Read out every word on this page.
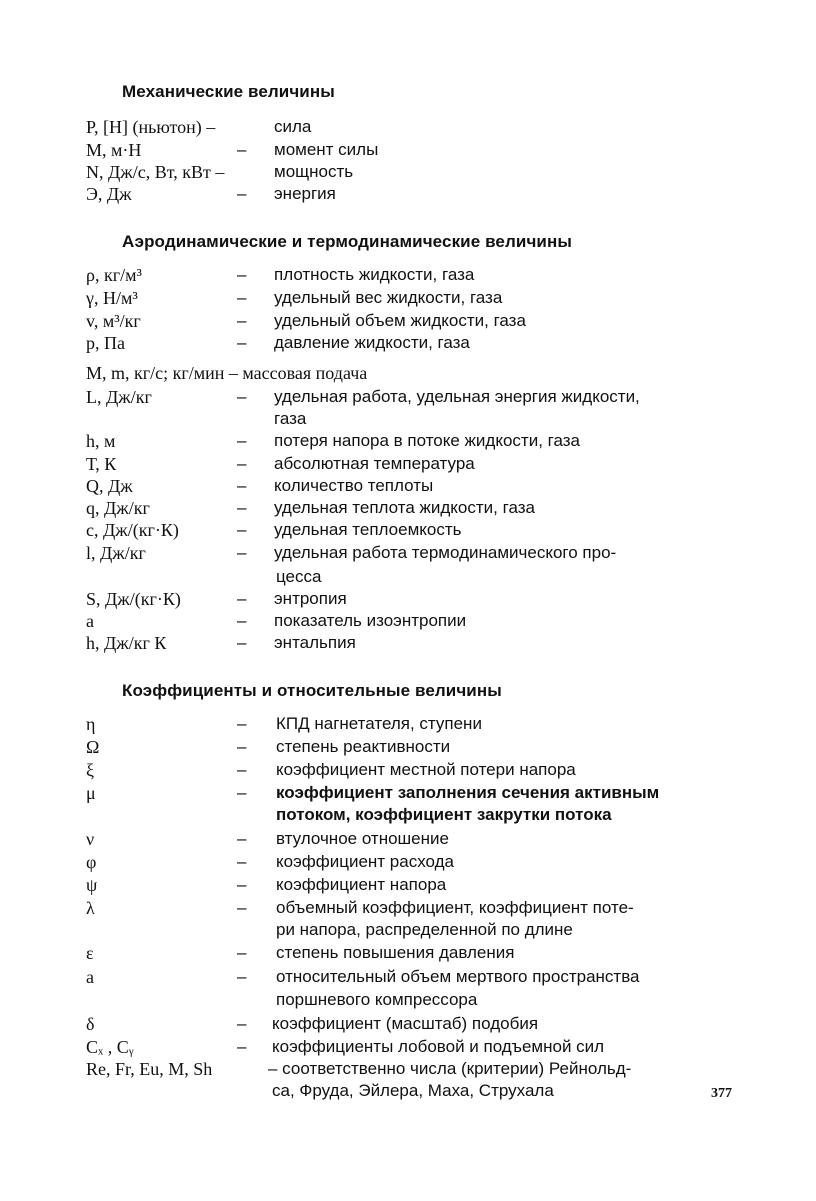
Механические величины
P, [Н] (ньютон) –	сила
М, м·Н	– момент силы
N, Дж/с, Вт, кВт –	мощность
Э, Дж	– энергия
Аэродинамические и термодинамические величины
ρ, кг/м³	– плотность жидкости, газа
γ, Н/м³	– удельный вес жидкости, газа
v, м³/кг	– удельный объем жидкости, газа
p, Па	– давление жидкости, газа
М, m, кг/с; кг/мин – массовая подача
L, Дж/кг	– удельная работа, удельная энергия жидкости,
газа
h, м	– потеря напора в потоке жидкости, газа
Т, К	– абсолютная температура
Q, Дж	– количество теплоты
q, Дж/кг	– удельная теплота жидкости, газа
с, Дж/(кг·К)	– удельная теплоемкость
l, Дж/кг	– удельная работа термодинамического про-
цесса
S, Дж/(кг·К)	– энтропия
a	– показатель изоэнтропии
h, Дж/кг К	– энтальпия
Коэффициенты и относительные величины
η	– КПД нагнетателя, ступени
Ω	– степень реактивности
ξ	– коэффициент местной потери напора
μ	– коэффициент заполнения сечения активным
потоком, коэффициент закрутки потока
ν	– втулочное отношение
φ	– коэффициент расхода
ψ	– коэффициент напора
λ	– объемный коэффициент, коэффициент поте-
ри напора, распределенной по длине
ε	– степень повышения давления
a	– относительный объем мертвого пространства
поршневого компрессора
δ	– коэффициент (масштаб) подобия
Cₓ , Cᵧ	– коэффициенты лобовой и подъемной сил
Re, Fr, Eu, M, Sh	– соответственно числа (критерии) Рейнольд-
са, Фруда, Эйлера, Маха, Струхала	377
